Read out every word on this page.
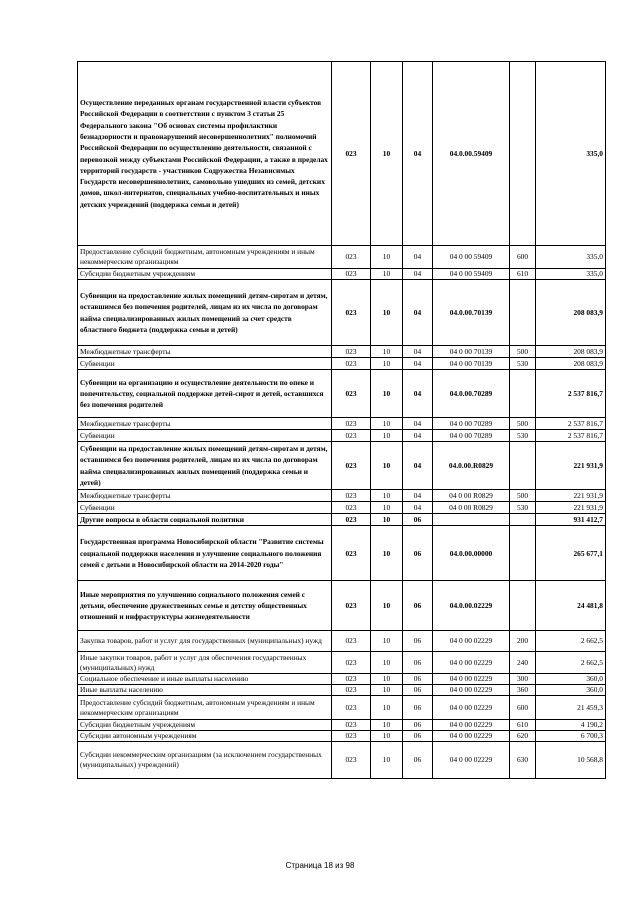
Осуществление переданных органам государственной власти субъектов Российской Федерации в соответствии с пунктом 3 статьи 25 Федерального закона "Об основах системы профилактики безнадзорности и правонарушений несовершеннолетних" полномочий Российской Федерации по осуществлению деятельности, связанной с перевозкой между субъектами Российской Федерации, а также в пределах территорий государств - участников Содружества Независимых Государств несовершеннолетних, самовольно ушедших из семей, детских домов, школ-интернатов, специальных учебно-воспитательных и иных детских учреждений (поддержка семьи и детей)	023	10	04	04.0.00.59409		335,0
Предоставление субсидий бюджетным, автономным учреждениям и иным некоммерческим организациям	023	10	04	04 0 00 59409	600	335,0
Субсидии бюджетным учреждениям	023	10	04	04 0 00 59409	610	335,0
Субвенции на предоставление жилых помещений детям-сиротам и детям, оставшимся без попечения родителей, лицам из их числа по договорам найма специализированных жилых помещений за счет средств областного бюджета (поддержка семьи и детей)	023	10	04	04.0.00.70139		208 083,9
Межбюджетные трансферты	023	10	04	04 0 00 70139	500	208 083,9
Субвенции	023	10	04	04 0 00 70139	530	208 083,9
Субвенции на организацию и осуществление деятельности по опеке и попечительству, социальной поддержке детей-сирот и детей, оставшихся без попечения родителей	023	10	04	04.0.00.70289		2 537 816,7
Межбюджетные трансферты	023	10	04	04 0 00 70289	500	2 537 816,7
Субвенции	023	10	04	04 0 00 70289	530	2 537 816,7
Субвенции на предоставление жилых помещений детям-сиротам и детям, оставшимся без попечения родителей, лицам из их числа по договорам найма специализированных жилых помещений (поддержка семьи и детей)	023	10	04	04.0.00.R0829		221 931,9
Межбюджетные трансферты	023	10	04	04 0 00 R0829	500	221 931,9
Субвенции	023	10	04	04 0 00 R0829	530	221 931,9
Другие вопросы в области социальной политики	023	10	06			931 412,7
Государственная программа Новосибирской области "Развитие системы социальной поддержки населения и улучшение социального положения семей с детьми в Новосибирской области на 2014-2020 годы"	023	10	06	04.0.00.00000		265 677,1
Иные мероприятия по улучшению социального положения семей с детьми, обеспечение дружественных семье и детству общественных отношений и инфраструктуры жизнедеятельности	023	10	06	04.0.00.02229		24 481,8
Закупка товаров, работ и услуг для государственных (муниципальных) нужд	023	10	06	04 0 00 02229	200	2 662,5
Иные закупки товаров, работ и услуг для обеспечения государственных (муниципальных) нужд	023	10	06	04 0 00 02229	240	2 662,5
Социальное обеспечение и иные выплаты населению	023	10	06	04 0 00 02229	300	360,0
Иные выплаты населению	023	10	06	04 0 00 02229	360	360,0
Предоставление субсидий бюджетным, автономным учреждениям и иным некоммерческим организациям	023	10	06	04 0 00 02229	600	21 459,3
Субсидии бюджетным учреждениям	023	10	06	04 0 00 02229	610	4 190,2
Субсидии автономным учреждениям	023	10	06	04 0 00 02229	620	6 700,3
Субсидии некоммерческим организациям (за исключением государственных (муниципальных) учреждений)	023	10	06	04 0 00 02229	630	10 568,8
Страница 18 из 98
